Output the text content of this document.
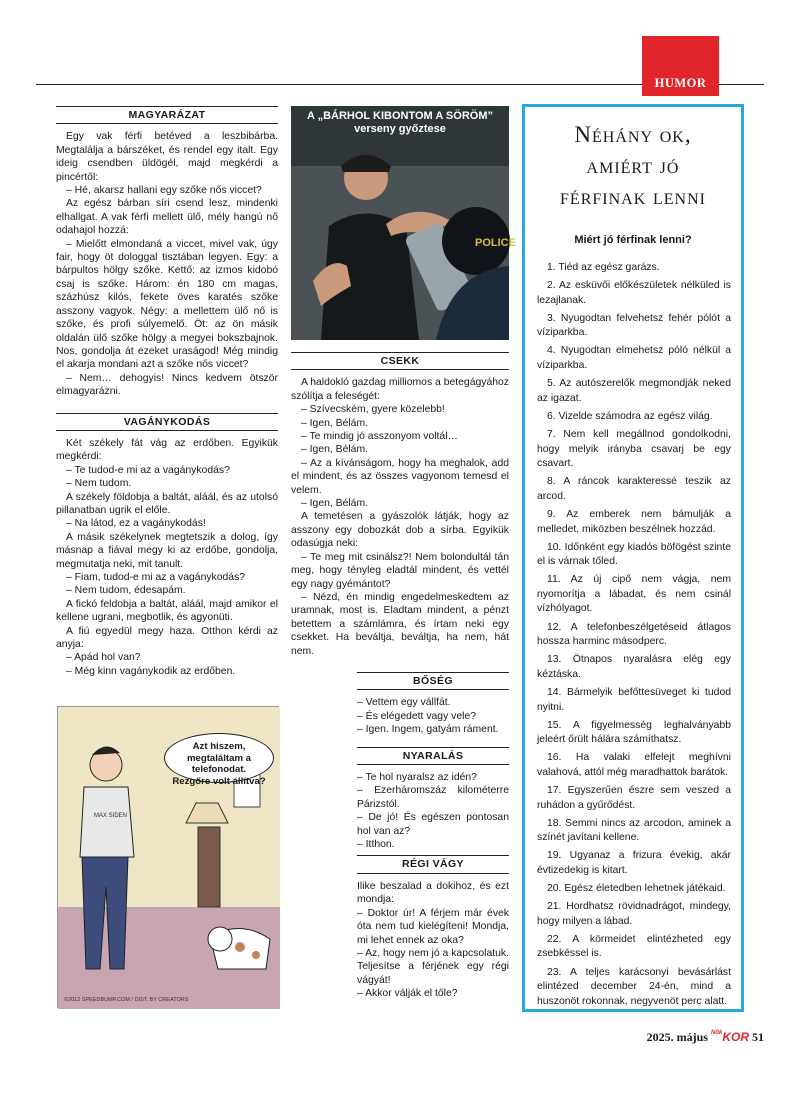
HUMOR
MAGYARÁZAT

Egy vak férfi betéved a leszbibárba. Megtalálja a bárszéket, és rendel egy italt. Egy ideig csendben üldögél, majd megkérdi a pincértől:

– Hé, akarsz hallani egy szőke nős viccet?

Az egész bárban síri csend lesz, mindenki elhallgat. A vak férfi mellett ülő, mély hangú nő odahajol hozzá:

– Mielőtt elmondaná a viccet, mivel vak, úgy fair, hogy öt dologgal tisztában legyen. Egy: a bárpultos hölgy szőke. Kettő: az izmos kidobó csaj is szőke. Három: én 180 cm magas, százhúsz kilós, fekete öves karatés szőke asszony vagyok. Négy: a mellettem ülő nő is szőke, és profi súlyemelő. Öt: az ön másik oldalán ülő szőke hölgy a megyei bokszbajnok. Nos, gondolja át ezeket uraságod! Még mindig el akarja mondani azt a szőke nős viccet?

– Nem… dehogyis! Nincs kedvem ötször elmagyarázni.

VAGÁNYKODÁS

Két székely fát vág az erdőben. Egyikük megkérdi:

– Te tudod-e mi az a vagánykodás?

– Nem tudom.

A székely földobja a baltát, aláál, és az utolsó pillanatban ugrik el előle.

– Na látod, ez a vagánykodás!

A másik székelynek megtetszik a dolog, így másnap a fiával megy ki az erdőbe, gondolja, megmutatja neki, mit tanult.

– Fiam, tudod-e mi az a vagánykodás?

– Nem tudom, édesapám.

A fickó feldobja a baltát, aláál, majd amikor el kellene ugrani, megbotlik, és agyonüti.

A fiú egyedül megy haza. Otthon kérdi az anyja:

– Apád hol van?

– Még kinn vagánykodik az erdőben.

POLICE
A „BÁRHOL KIBONTOM A SÖRÖM”
verseny győztese
CSEKK

A haldokló gazdag milliomos a betegágyához szólítja a feleségét:

– Szívecském, gyere közelebb!

– Igen, Bélám.

– Te mindig jó asszonyom voltál…

– Igen, Bélám.

– Az a kívánságom, hogy ha meghalok, add el mindent, és az összes vagyonom temesd el velem.

– Igen, Bélám.

A temetésen a gyászolók látják, hogy az asszony egy dobozkát dob a sírba. Egyikük odasúgja neki:

– Te meg mit csinálsz?! Nem bolondultál tán meg, hogy tényleg eladtál mindent, és vettél egy nagy gyémántot?

– Nézd, én mindig engedelmeskedtem az uramnak, most is. Eladtam mindent, a pénzt betettem a számlámra, és írtam neki egy csekket. Ha beváltja, beváltja, ha nem, hát nem.

BŐSÉG

– Vettem egy vállfát.

– És elégedett vagy vele?

– Igen. Ingem, gatyám ráment.

NYARALÁS

– Te hol nyaralsz az idén?

– Ezerháromszáz kilométerre Párizstól.

– De jó! És egészen pontosan hol van az?

– Itthon.

RÉGI VÁGY

Ilike beszalad a dokihoz, és ezt mondja:

– Doktor úr! A férjem már évek óta nem tud kielégíteni! Mondja, mi lehet ennek az oka?

– Az, hogy nem jó a kapcsolatuk. Teljesítse a férjének egy régi vágyát!

– Akkor válják el tőle?

MAX SIDEN
Azt hiszem,
megtaláltam a telefonodat.
Rezgőre volt állítva?
©2012 SPEEDBUMP.COM / DIST. BY CREATORS
Néhány ok,
amiért jó
férfinak lenni
Miért jó férfinak lenni?
1. Tiéd az egész garázs.
2. Az esküvői előkészületek nélküled is lezajlanak.
3. Nyugodtan felvehetsz fehér pólót a víziparkba.
4. Nyugodtan elmehetsz póló nélkül a víziparkba.
5. Az autószerelők megmondják neked az igazat.
6. Vizelde számodra az egész világ.
7. Nem kell megállnod gondolkodni, hogy melyik irányba csavarj be egy csavart.
8. A ráncok karakteressé teszik az arcod.
9. Az emberek nem bámulják a melledet, miközben beszélnek hozzád.
10. Időnként egy kiadós böfögést szinte el is várnak tőled.
11. Az új cipő nem vágja, nem nyomorítja a lábadat, és nem csinál vízhólyagot.
12. A telefonbeszélgetéseid átlagos hossza harminc másodperc.
13. Ötnapos nyaralásra elég egy kéztáska.
14. Bármelyik befőttesüveget ki tudod nyitni.
15. A figyelmesség leghalványabb jeleért őrült hálára számíthatsz.
16. Ha valaki elfelejt meghívni valahová, attól még maradhattok barátok.
17. Egyszerűen észre sem veszed a ruhádon a gyűrődést.
18. Semmi nincs az arcodon, aminek a színét javítani kellene.
19. Ugyanaz a frizura évekig, akár évtizedekig is kitart.
20. Egész életedben lehetnek játékaid.
21. Hordhatsz rövidnadrágot, mindegy, hogy milyen a lábad.
22. A körmeidet elintézheted egy zsebkéssel is.
23. A teljes karácsonyi bevásárlást elintézed december 24-én, mind a huszonöt rokonnak, negyvenöt perc alatt.
2025. május $^{Nők}$KOR 51
